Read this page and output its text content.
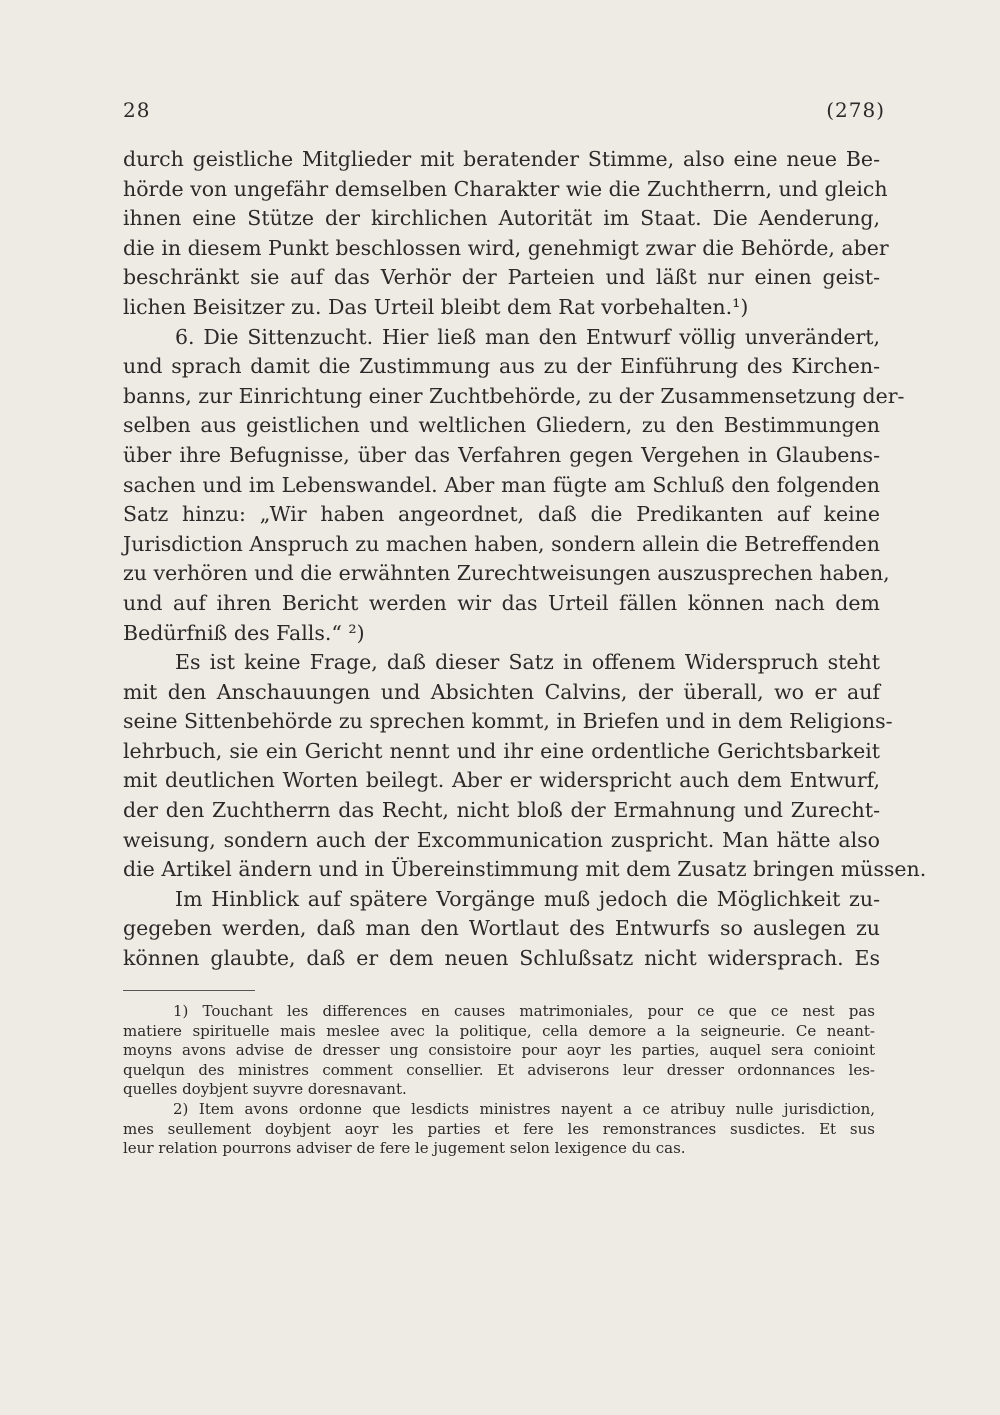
28	(278)
durch geistliche Mitglieder mit beratender Stimme, also eine neue Be-
hörde von ungefähr demselben Charakter wie die Zuchtherrn, und gleich
ihnen eine Stütze der kirchlichen Autorität im Staat. Die Aenderung,
die in diesem Punkt beschlossen wird, genehmigt zwar die Behörde, aber
beschränkt sie auf das Verhör der Parteien und läßt nur einen geist-
lichen Beisitzer zu. Das Urteil bleibt dem Rat vorbehalten.¹)
6. Die Sittenzucht. Hier ließ man den Entwurf völlig unverändert,
und sprach damit die Zustimmung aus zu der Einführung des Kirchen-
banns, zur Einrichtung einer Zuchtbehörde, zu der Zusammensetzung der-
selben aus geistlichen und weltlichen Gliedern, zu den Bestimmungen
über ihre Befugnisse, über das Verfahren gegen Vergehen in Glaubens-
sachen und im Lebenswandel. Aber man fügte am Schluß den folgenden
Satz hinzu: „Wir haben angeordnet, daß die Predikanten auf keine
Jurisdiction Anspruch zu machen haben, sondern allein die Betreffenden
zu verhören und die erwähnten Zurechtweisungen auszusprechen haben,
und auf ihren Bericht werden wir das Urteil fällen können nach dem
Bedürfniß des Falls.“ ²)
Es ist keine Frage, daß dieser Satz in offenem Widerspruch steht
mit den Anschauungen und Absichten Calvins, der überall, wo er auf
seine Sittenbehörde zu sprechen kommt, in Briefen und in dem Religions-
lehrbuch, sie ein Gericht nennt und ihr eine ordentliche Gerichtsbarkeit
mit deutlichen Worten beilegt. Aber er widerspricht auch dem Entwurf,
der den Zuchtherrn das Recht, nicht bloß der Ermahnung und Zurecht-
weisung, sondern auch der Excommunication zuspricht. Man hätte also
die Artikel ändern und in Übereinstimmung mit dem Zusatz bringen müssen.
Im Hinblick auf spätere Vorgänge muß jedoch die Möglichkeit zu-
gegeben werden, daß man den Wortlaut des Entwurfs so auslegen zu
können glaubte, daß er dem neuen Schlußsatz nicht widersprach. Es
1) Touchant les differences en causes matrimoniales, pour ce que ce nest pas
matiere spirituelle mais meslee avec la politique, cella demore a la seigneurie. Ce neant-
moyns avons advise de dresser ung consistoire pour aoyr les parties, auquel sera conioint
quelqun des ministres comment consellier. Et adviserons leur dresser ordonnances les-
quelles doybjent suyvre doresnavant.
2) Item avons ordonne que lesdicts ministres nayent a ce atribuy nulle jurisdiction,
mes seullement doybjent aoyr les parties et fere les remonstrances susdictes. Et sus
leur relation pourrons adviser de fere le jugement selon lexigence du cas.
